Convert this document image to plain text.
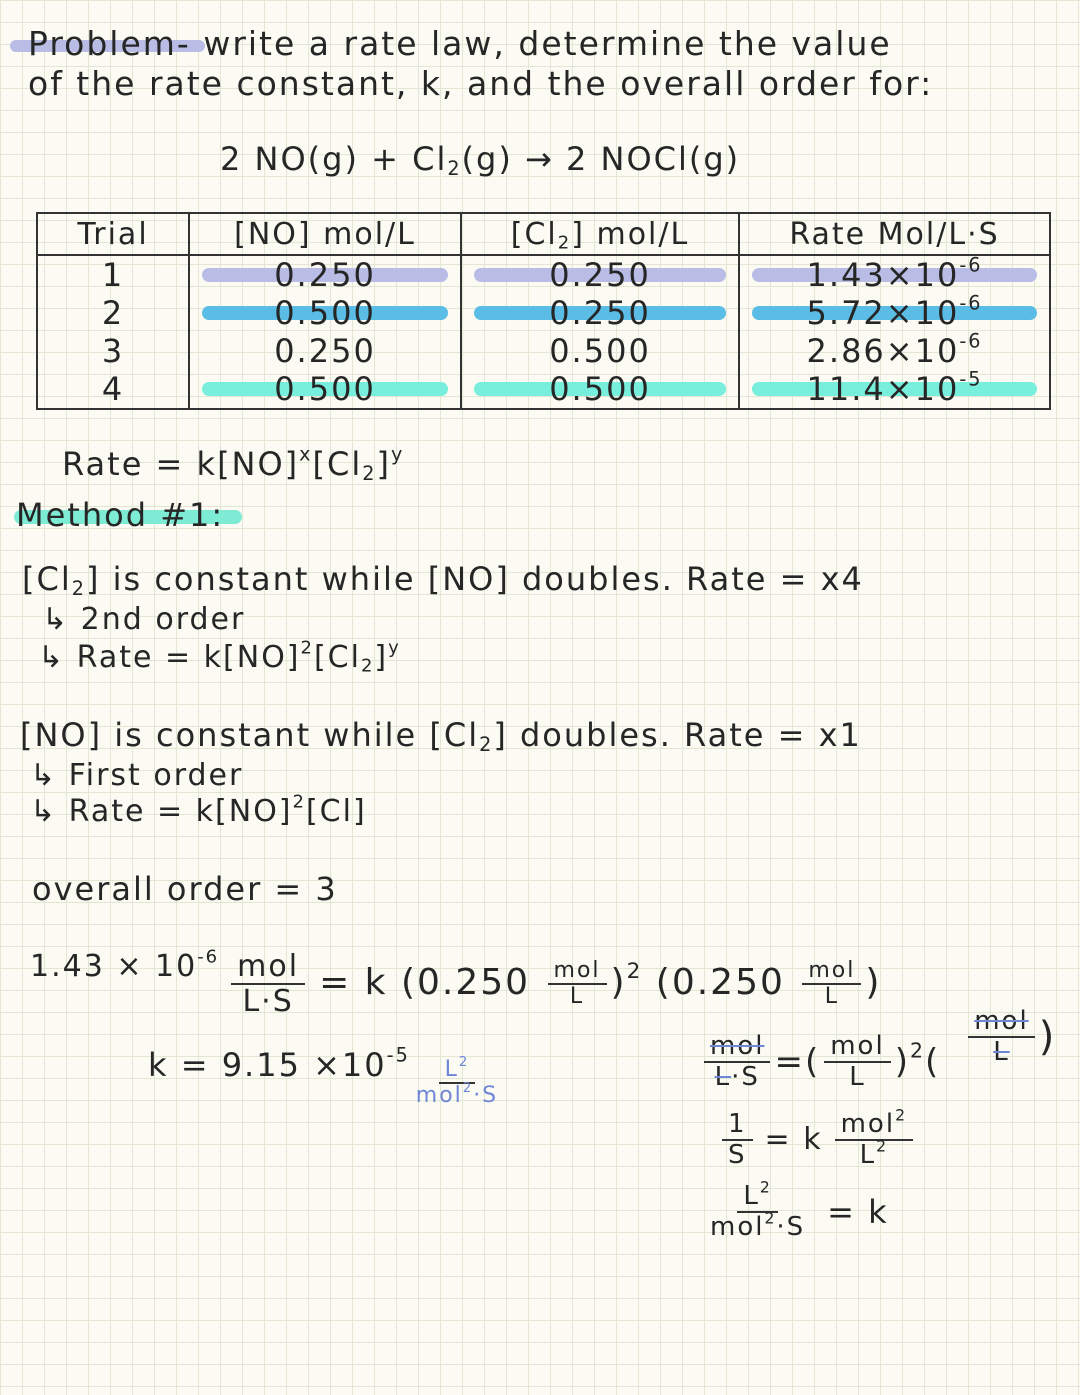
Problem- write a rate law, determine the value
of the rate constant, k, and the overall order for:
2 $NO(g) + Cl_2(g) \to 2$ NOCl(g)
Trial	[NO] mol/L	$[Cl_2]$ mol/L	Rate Mol/L·S
1	0.250	0.250	$1.43\times 10^{-6}$
2	0.500	0.250	$5.72\times 10^{-6}$
3	0.250	0.500	$2.86\times 10^{-6}$
4	0.500	0.500	$11.4\times 10^{-5}$
Rate = $k[NO]^x[Cl_2]^y$
Method #1:
$[Cl_2]$ is constant while [NO] doubles. Rate = x4
↳ 2nd order
↳ Rate = $k[NO]^2[Cl_2]^y$
[NO] is constant while $[Cl_2]$ doubles. Rate = x1
↳ First order
↳ Rate = k[NO]$^2$[Cl]
overall order = 3
$1.43 \times 10^{-6} \frac{\text{mol}}{L\cdot S} = k$ $(0.250 \frac{\text{mol}}{L} )^2$ ($0.250 \frac{\text{mol}}{L}$ )
$k = 9.15 \times 10^{-5}$
$\frac{L^2}{mol^2\cdot S}$	$\frac{\text{mol}}{L\cdot S}$ =( $\frac{\text{mol}}{L} )^2( \frac{\text{mol}}{L}$ )
$\frac{1}{S} = k \frac{mol^2}{L^2}$
$\frac{L^2}{mol^2\cdot S} = k$
